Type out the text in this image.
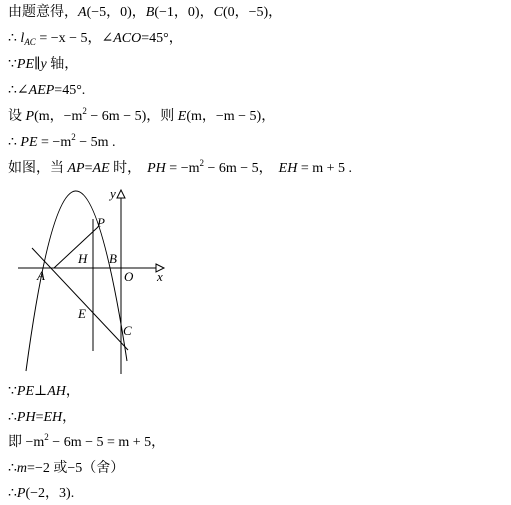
由题意得，A(−5，0)，B(−1，0)，C(0，−5)，
∴ $l_{AC} = -x - 5$，∠ACO=45°，
∵PE∥y 轴，
∴∠AEP=45°.
设 P(m，$-m^2 - 6m - 5$)，则 E(m，−m − 5)，
∴ PE = $-m^2 - 5m$ .
如图，当 AP=AE 时， PH = $-m^2 - 6m - 5$， EH = m + 5 .
y
x
P
H B
A	O
E
C
∵PE⊥AH，
∴PH=EH，
即 $-m^2 - 6m - 5 = m + 5$，
∴m=−2 或−5（舍）
∴P(−2，3).
